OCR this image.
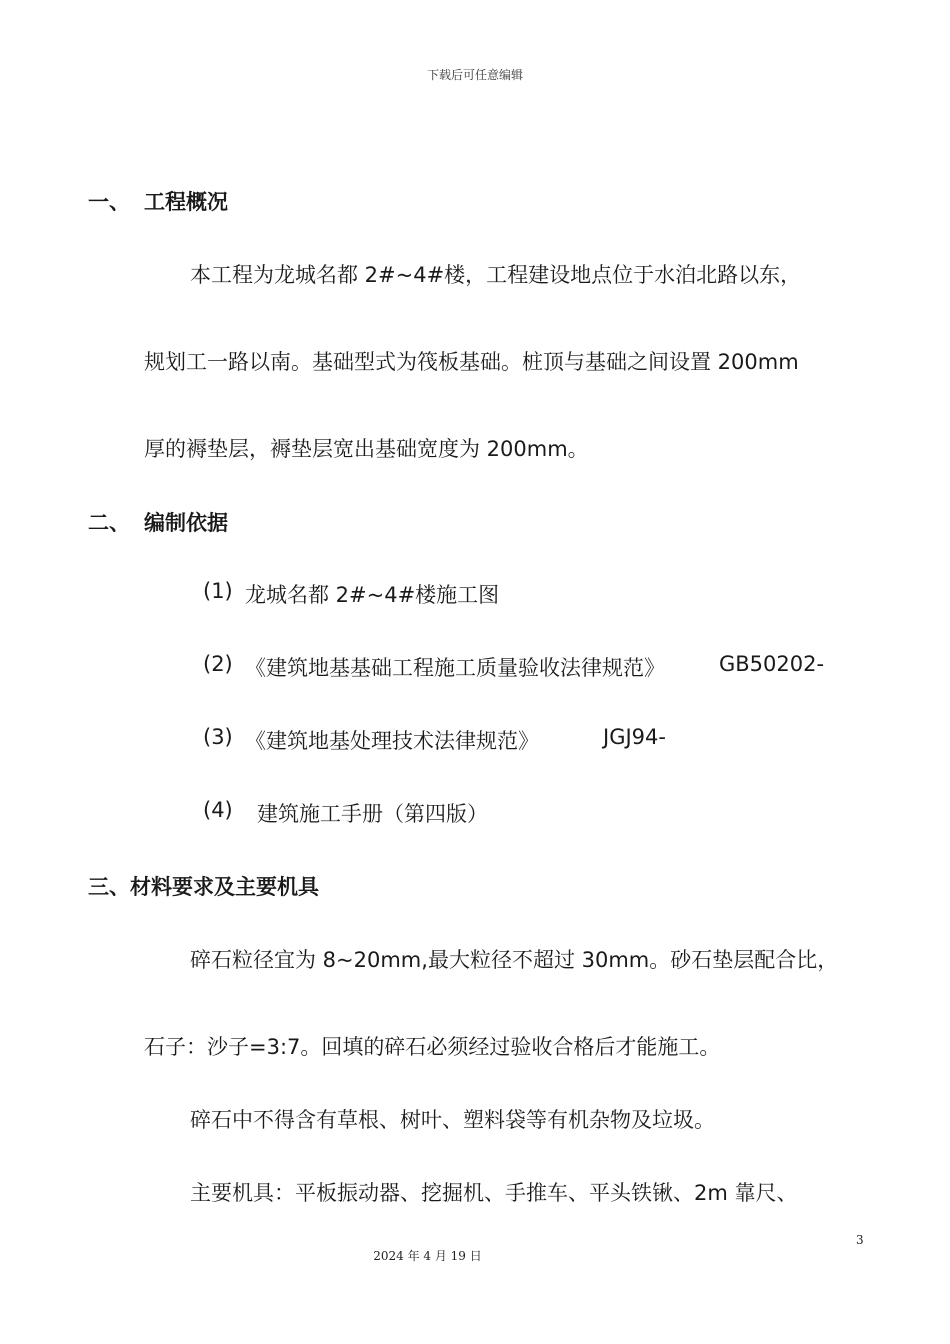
下载后可任意编辑
一、 工程概况
本工程为龙城名都 2#~4#楼，工程建设地点位于水泊北路以东，
规划工一路以南。基础型式为筏板基础。桩顶与基础之间设置 200mm
厚的褥垫层，褥垫层宽出基础宽度为 200mm。
二、 编制依据
(1) 龙城名都 2#~4#楼施工图
(2) 《建筑地基基础工程施工质量验收法律规范》	GB50202-
(3) 《建筑地基处理技术法律规范》	JGJ94-
(4) 建筑施工手册（第四版）
三、材料要求及主要机具
碎石粒径宜为 8~20mm,最大粒径不超过 30mm。砂石垫层配合比，
石子：沙子=3:7。回填的碎石必须经过验收合格后才能施工。
碎石中不得含有草根、树叶、塑料袋等有机杂物及垃圾。
主要机具：平板振动器、挖掘机、手推车、平头铁锹、2m 靠尺、
3
2024 年 4 月 19 日
